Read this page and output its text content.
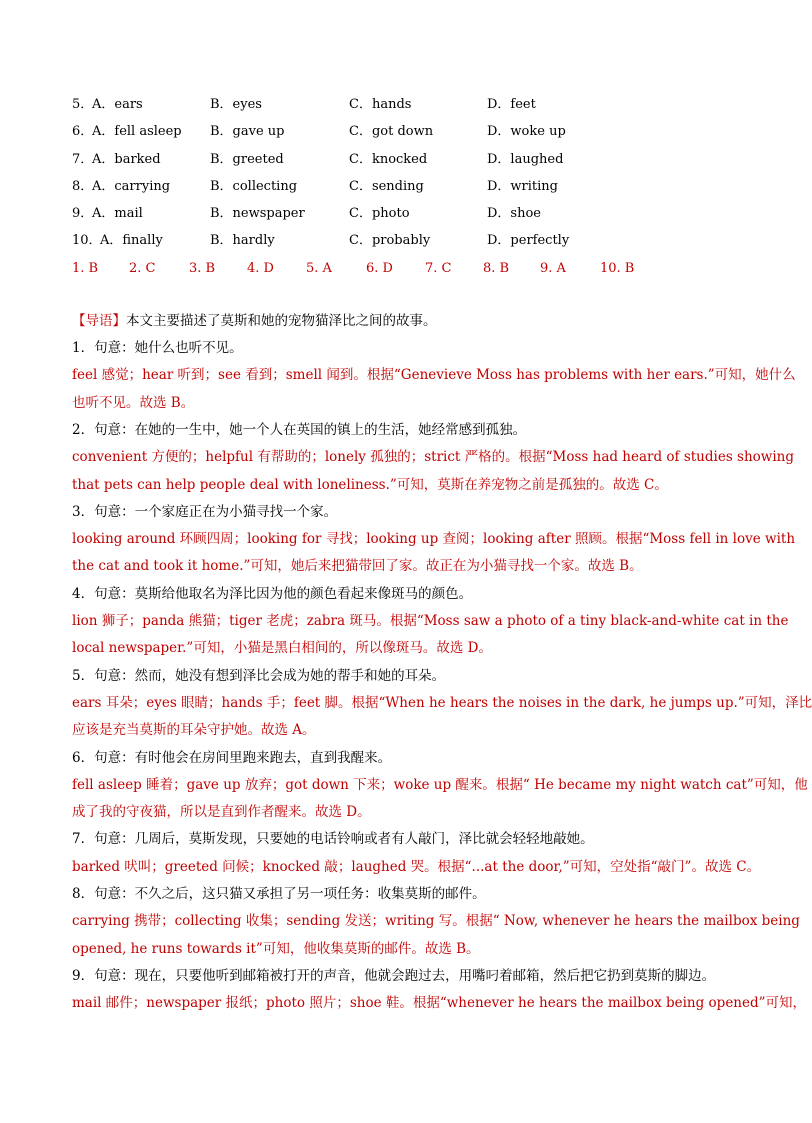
5．
A．ears	B．eyes	C．hands	D．feet
6．
A．fell asleep B．gave up	C．got down	D．woke up
7．
A．barked	B．greeted	C．knocked	D．laughed
8．
A．carrying	B．collecting	C．sending	D．writing
9．
A．mail	B．newspaper	C．photo	D．shoe
10．
A．finally	B．hardly	C．probably	D．perfectly
1. B 2. C	3. B 4. D 5. A	6. D 7. C 8. B 9. A	10. B
【导语】本文主要描述了莫斯和她的宠物猫泽比之间的故事。
1．句意：她什么也听不见。
feel 感觉；hear 听到；see 看到；smell 闻到。根据“Genevieve Moss has problems with her ears.”可知，她什么
也听不见。故选 B。
2．句意：在她的一生中，她一个人在英国的镇上的生活，她经常感到孤独。
convenient 方便的；helpful 有帮助的；lonely 孤独的；strict 严格的。根据“Moss had heard of studies showing
that pets can help people deal with loneliness.”可知，莫斯在养宠物之前是孤独的。故选 C。
3．句意：一个家庭正在为小猫寻找一个家。
looking around 环顾四周；looking for 寻找；looking up 查阅；looking after 照顾。根据“Moss fell in love with
the cat and took it home.”可知，她后来把猫带回了家。故正在为小猫寻找一个家。故选 B。
4．句意：莫斯给他取名为泽比因为他的颜色看起来像斑马的颜色。
lion 狮子；panda 熊猫；tiger 老虎；zabra 斑马。根据“Moss saw a photo of a tiny black-and-white cat in the
local newspaper.”可知，小猫是黑白相间的，所以像斑马。故选 D。
5．句意：然而，她没有想到泽比会成为她的帮手和她的耳朵。
ears 耳朵；eyes 眼睛；hands 手；feet 脚。根据“When he hears the noises in the dark, he jumps up.”可知，泽比
应该是充当莫斯的耳朵守护她。故选 A。
6．句意：有时他会在房间里跑来跑去，直到我醒来。
fell asleep 睡着；gave up 放弃；got down 下来；woke up 醒来。根据“ He became my night watch cat”可知，他
成了我的守夜猫，所以是直到作者醒来。故选 D。
7．句意：几周后，莫斯发现，只要她的电话铃响或者有人敲门，泽比就会轻轻地敲她。
barked 吠叫；greeted 问候；knocked 敲；laughed 哭。根据“...at the door,”可知，空处指“敲门”。故选 C。
8．句意：不久之后，这只猫又承担了另一项任务：收集莫斯的邮件。
carrying 携带；collecting 收集；sending 发送；writing 写。根据“ Now, whenever he hears the mailbox being
opened, he runs towards it”可知，他收集莫斯的邮件。故选 B。
9．句意：现在，只要他听到邮箱被打开的声音，他就会跑过去，用嘴叼着邮箱，然后把它扔到莫斯的脚边。
mail 邮件；newspaper 报纸；photo 照片；shoe 鞋。根据“whenever he hears the mailbox being opened”可知，
